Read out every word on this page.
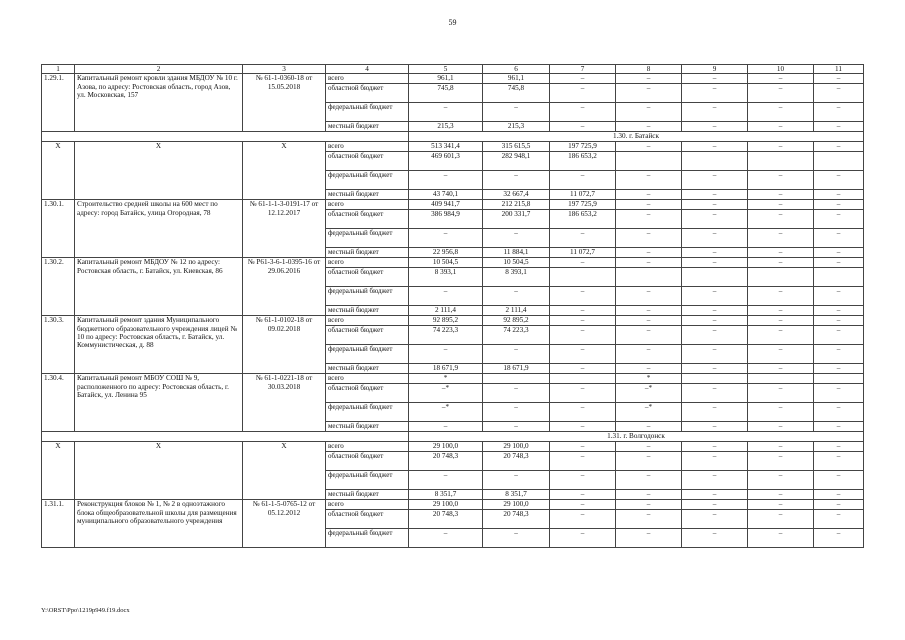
59
1	2	3	4	5	6	7	8	9	10	11
1.29.1.	Капитальный ремонт кровли здания МБДОУ № 10 г. Азова, по адресу: Ростовская область, город Азов, ул. Московская, 157	№ 61-1-0360-18 от 15.05.2018	всего	961,1	961,1	–	–	–	–	–
			областной бюджет	745,8	745,8	–	–	–	–	–
			федеральный бюджет	–	–	–	–	–	–	–
			местный бюджет	215,3	215,3	–	–	–	–	–
				1.30. г. Батайск						
Х	Х	Х	всего	513 341,4	315 615,5	197 725,9	–	–	–	–
			областной бюджет	469 601,3	282 948,1	186 653,2				
			федеральный бюджет	–	–	–	–	–	–	–
			местный бюджет	43 740,1	32 667,4	11 072,7	–	–	–	–
1.30.1.	Строительство средней школы на 600 мест по адресу: город Батайск, улица Огородная, 78	№ 61-1-1-3-0191-17 от 12.12.2017	всего	409 941,7	212 215,8	197 725,9	–	–	–	–
			областной бюджет	386 984,9	200 331,7	186 653,2	–	–	–	–
			федеральный бюджет	–	–	–	–	–	–	–
			местный бюджет	22 956,8	11 884,1	11 072,7	–	–	–	–
1.30.2.	Капитальный ремонт МБДОУ № 12 по адресу: Ростовская область, г. Батайск, ул. Киевская, 86	№ Р61-3-6-1-0395-16 от 29.06.2016	всего	10 504,5	10 504,5	–	–	–	–	–
			областной бюджет	8 393,1	8 393,1					
			федеральный бюджет	–	–	–	–	–	–	–
			местный бюджет	2 111,4	2 111,4	–	–	–	–	–
1.30.3.	Капитальный ремонт здания Муниципального бюджетного образовательного учреждения лицей № 10 по адресу: Ростовская область, г. Батайск, ул. Коммунистическая, д. 88	№ 61-1-0102-18 от 09.02.2018	всего	92 895,2	92 895,2	–	–	–	–	–
			областной бюджет	74 223,3	74 223,3	–	–	–	–	–
			федеральный бюджет	–	–	–	–	–	–	–
			местный бюджет	18 671,9	18 671,9	–	–	–	–	–
1.30.4.	Капитальный ремонт МБОУ СОШ № 9, расположенного по адресу: Ростовская область, г. Батайск, ул. Ленина 95	№ 61-1-0221-18 от 30.03.2018	всего	*			*			
			областной бюджет	–*	–	–	–*	–	–	–
			федеральный бюджет	–*	–	–	–*	–	–	–
			местный бюджет	–	–	–	–	–	–	–
				1.31. г. Волгодонск						
Х	Х	Х	всего	29 100,0	29 100,0	–	–	–	–	–
			областной бюджет	20 748,3	20 748,3	–	–	–	–	–
			федеральный бюджет	–	–	–	–	–	–	–
			местный бюджет	8 351,7	8 351,7	–	–	–	–	–
1.31.1.	Реконструкция блоков № 1, № 2 в одноэтажного блока общеобразовательной школы для размещения муниципального образовательного учреждения	№ 61-1-5-0765-12 от 05.12.2012	всего	29 100,0	29 100,0	–	–	–	–	–
			областной бюджет	20 748,3	20 748,3	–	–	–	–	–
			федеральный бюджет	–	–	–	–	–	–	–
Y:\ORST\Ppo\1219p949.f19.docx
